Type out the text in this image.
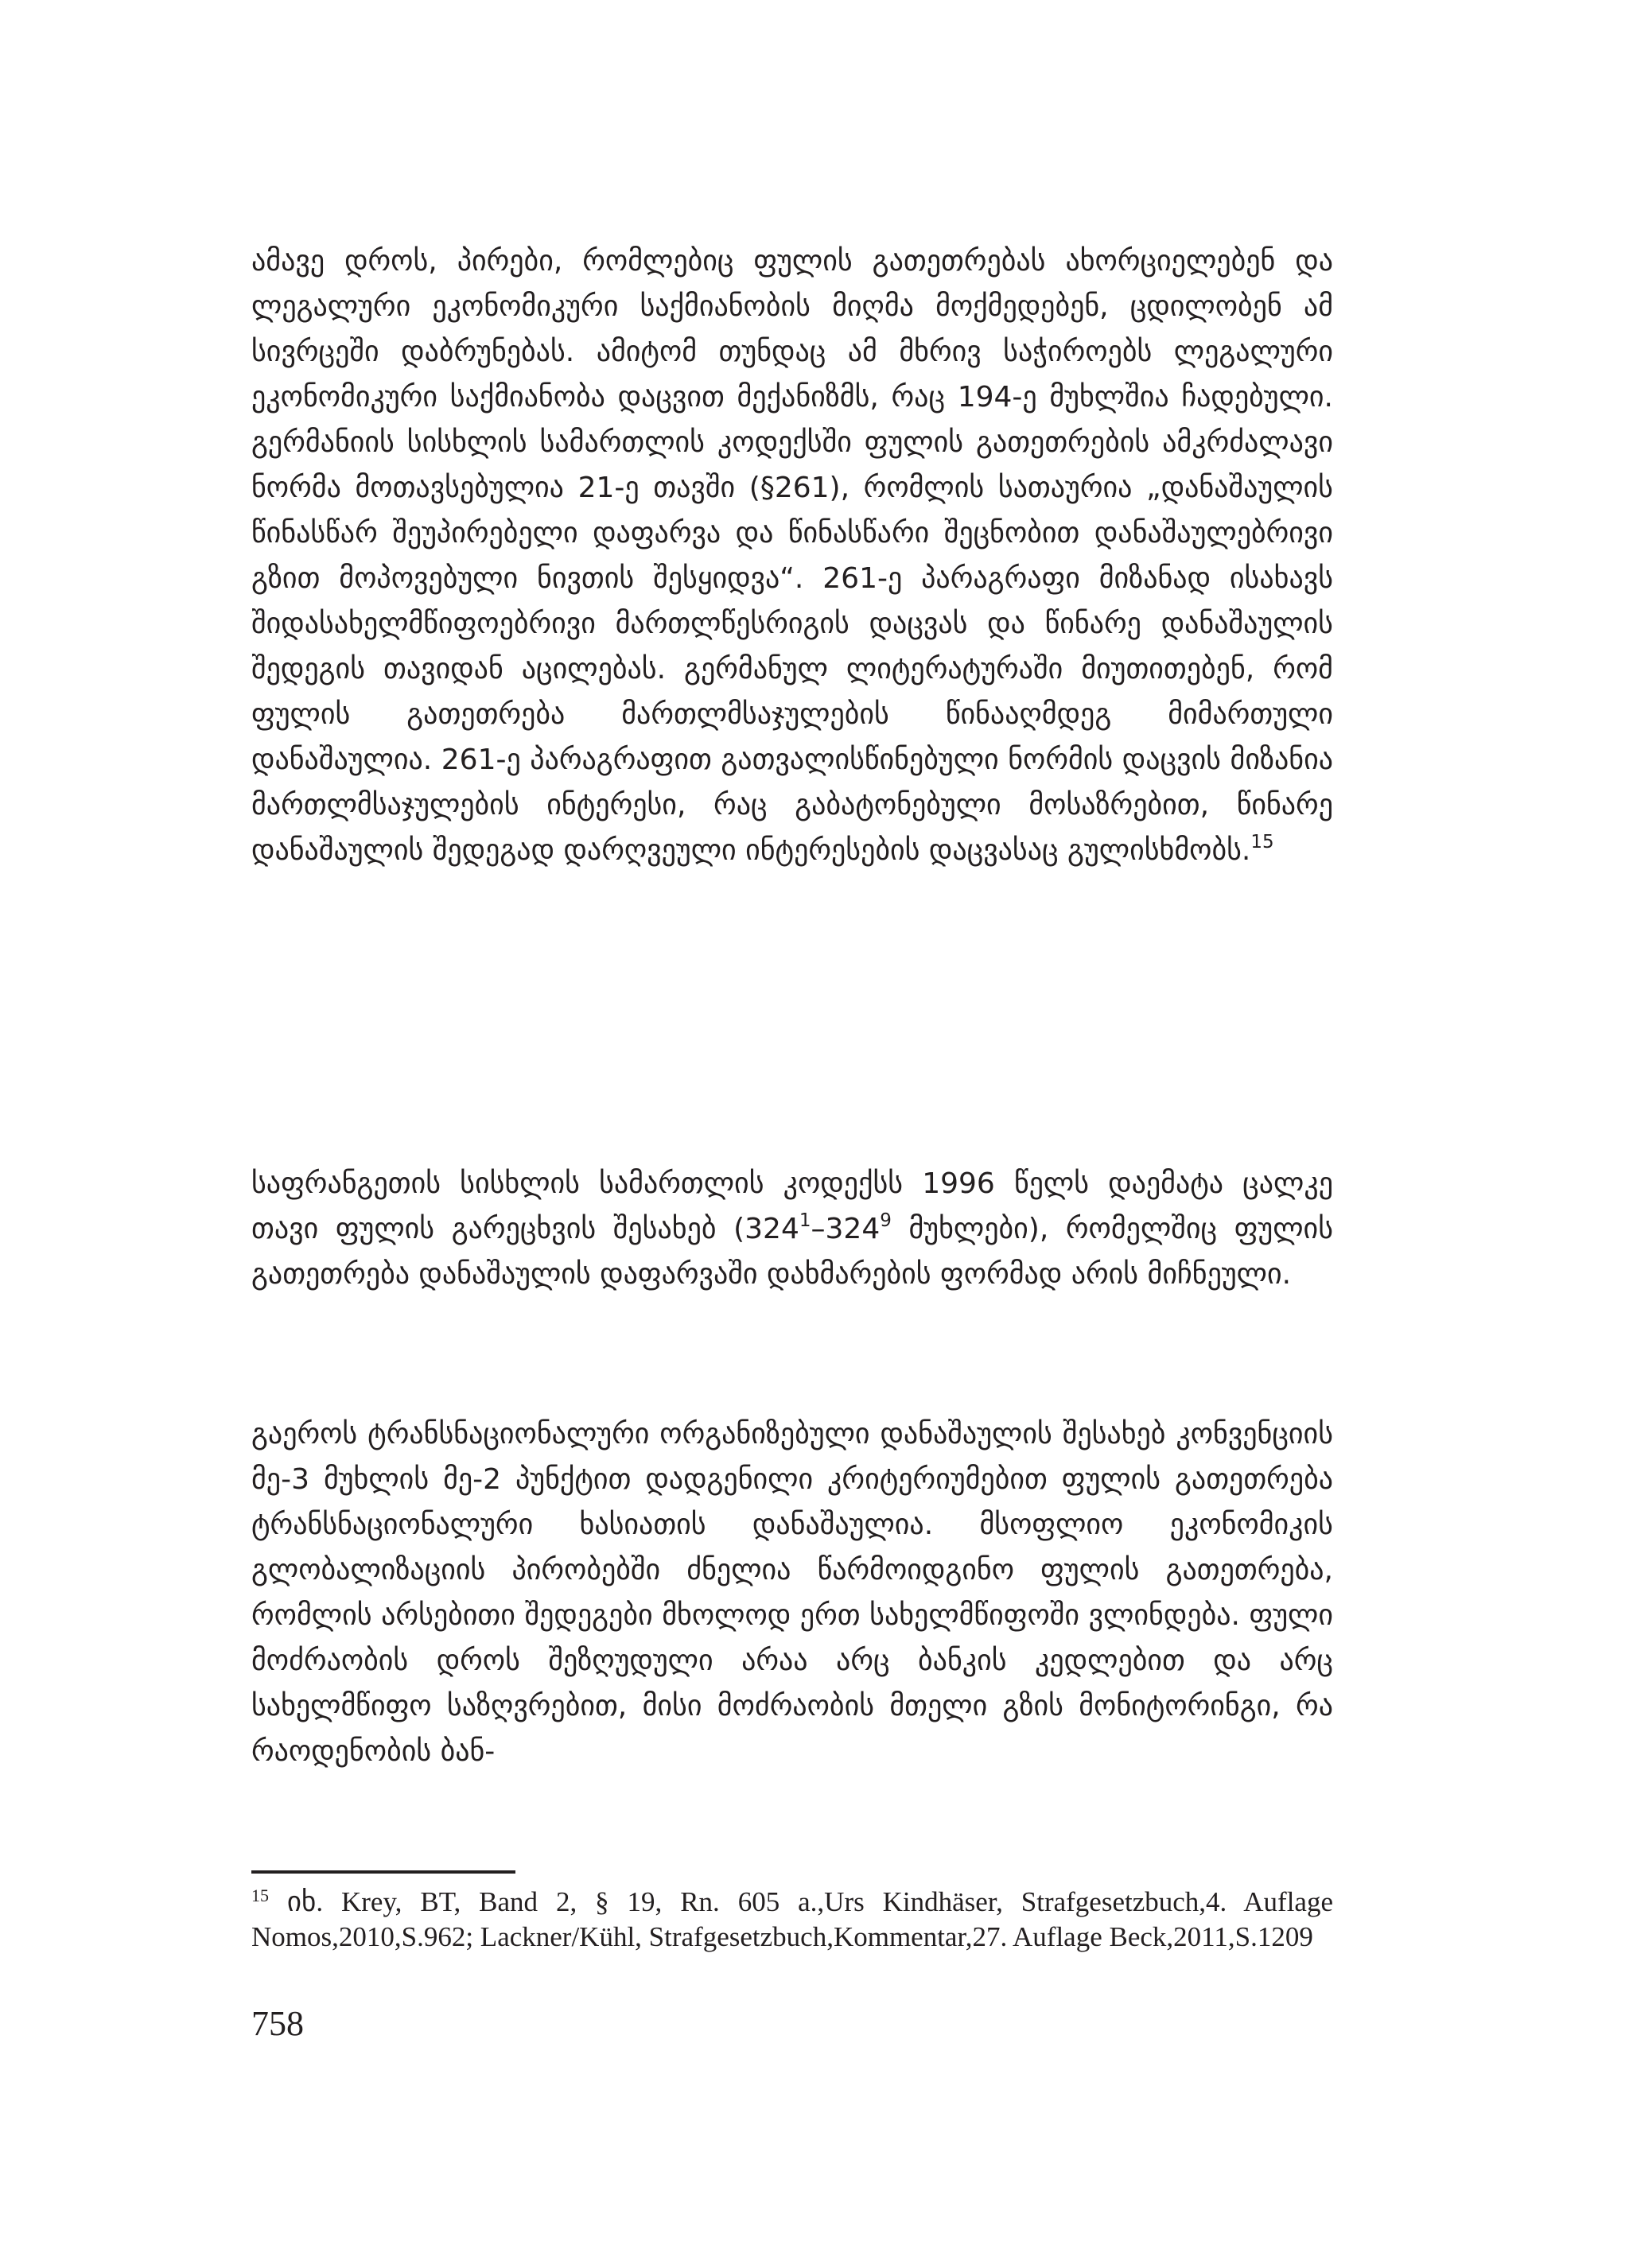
ამავე დროს, პირები, რომლებიც ფულის გათეთრებას ახორციელებენ და ლეგალური ეკონომიკური საქმიანობის მიღმა მოქმედებენ, ცდილობენ ამ სივრცეში დაბრუნებას. ამიტომ თუნდაც ამ მხრივ საჭიროებს ლეგალური ეკონომიკური საქმიანობა დაცვით მექანიზმს, რაც 194-ე მუხლშია ჩადებული. გერმანიის სისხლის სამართლის კოდექსში ფულის გათეთრების ამკრძალავი ნორმა მოთავსებულია 21-ე თავში (§261), რომლის სათაურია „დანაშაულის წინასწარ შეუპირებელი დაფარვა და წინასწარი შეცნობით დანაშაულებრივი გზით მოპოვებული ნივთის შესყიდვა“. 261-ე პარაგრაფი მიზანად ისახავს შიდასახელმწიფოებრივი მართლწესრიგის დაცვას და წინარე დანაშაულის შედეგის თავიდან აცილებას. გერმანულ ლიტერატურაში მიუთითებენ, რომ ფულის გათეთრება მართლმსაჯულების წინააღმდეგ მიმართული დანაშაულია. 261-ე პარაგრაფით გათვალისწინებული ნორმის დაცვის მიზანია მართლმსაჯულების ინტერესი, რაც გაბატონებული მოსაზრებით, წინარე დანაშაულის შედეგად დარღვეული ინტერესების დაცვასაც გულისხმობს.$^{15}$

საფრანგეთის სისხლის სამართლის კოდექსს 1996 წელს დაემატა ცალკე თავი ფულის გარეცხვის შესახებ ($324^1-324^9$ მუხლები), რომელშიც ფულის გათეთრება დანაშაულის დაფარვაში დახმარების ფორმად არის მიჩნეული.

გაეროს ტრანსნაციონალური ორგანიზებული დანაშაულის შესახებ კონვენციის მე-3 მუხლის მე-2 პუნქტით დადგენილი კრიტერიუმებით ფულის გათეთრება ტრანსნაციონალური ხასიათის დანაშაულია. მსოფლიო ეკონომიკის გლობალიზაციის პირობებში ძნელია წარმოიდგინო ფულის გათეთრება, რომლის არსებითი შედეგები მხოლოდ ერთ სახელმწიფოში ვლინდება. ფული მოძრაობის დროს შეზღუდული არაა არც ბანკის კედლებით და არც სახელმწიფო საზღვრებით, მისი მოძრაობის მთელი გზის მონიტორინგი, რა რაოდენობის ბან-

$^{15}$ იხ. Krey, BT, Band 2, § 19, Rn. 605 a.,Urs Kindhäser, Strafgesetzbuch,4. Auflage Nomos,2010,S.962; Lackner/Kühl, Strafgesetzbuch,Kommentar,27. Auflage Beck,2011,S.1209
758
